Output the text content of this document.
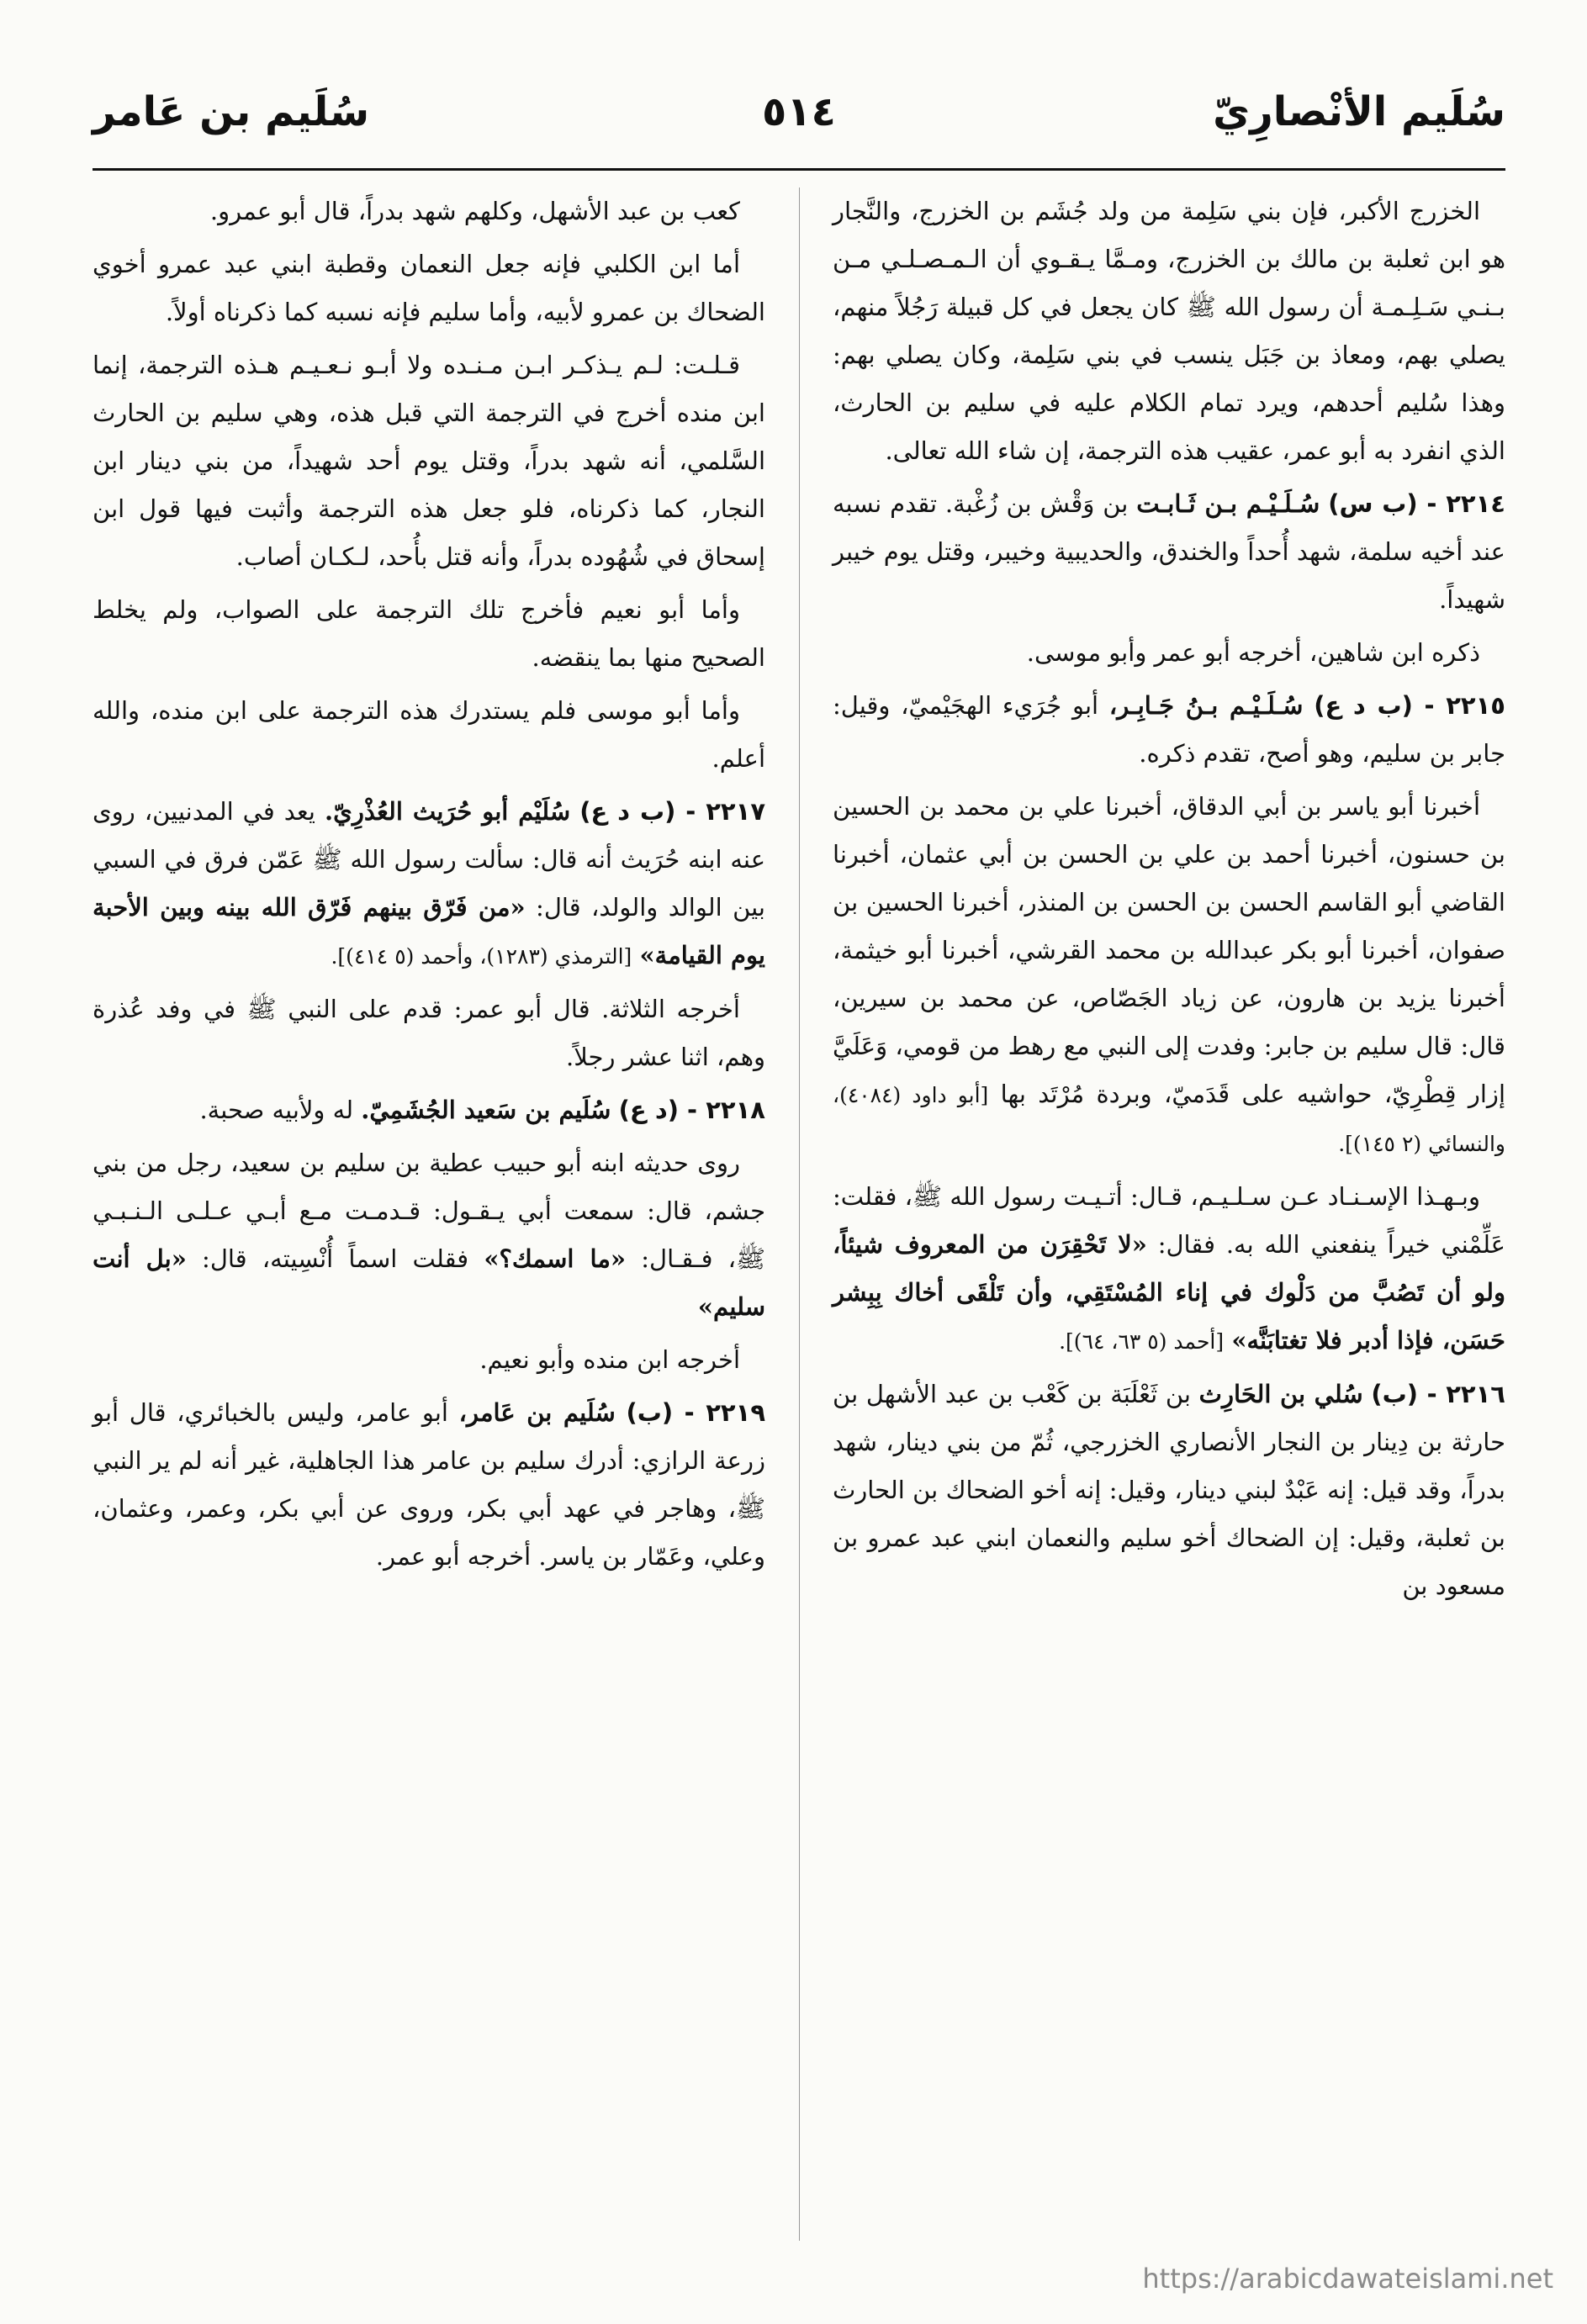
سُلَيم الأنْصارِيّ
٥١٤
سُلَيم بن عَامر

الخزرج الأكبر، فإن بني سَلِمة من ولد جُشَم بن الخزرج، والنَّجار هو ابن ثعلبة بن مالك بن الخزرج، ومـمَّا يـقـوي أن الـمـصـلـي مـن بـنـي سَـلِـمـة أن رسول الله ﷺ كان يجعل في كل قبيلة رَجُلاً منهم، يصلي بهم، ومعاذ بن جَبَل ينسب في بني سَلِمة، وكان يصلي بهم: وهذا سُليم أحدهم، ويرد تمام الكلام عليه في سليم بن الحارث، الذي انفرد به أبو عمر، عقيب هذه الترجمة، إن شاء الله تعالى.

٢٢١٤ - (ب س) سُـلَـيْـم بـن ثَـابـت بن وَقْش بن زُغْبة. تقدم نسبه عند أخيه سلمة، شهد أُحداً والخندق، والحديبية وخيبر، وقتل يوم خيبر شهيداً.

ذكره ابن شاهين، أخرجه أبو عمر وأبو موسى.

٢٢١٥ - (ب د ع) سُـلَـيْـم بـنُ جَـابِـر، أبو جُرَيء الهجَيْميّ، وقيل: جابر بن سليم، وهو أصح، تقدم ذكره.

أخبرنا أبو ياسر بن أبي الدقاق، أخبرنا علي بن محمد بن الحسين بن حسنون، أخبرنا أحمد بن علي بن الحسن بن أبي عثمان، أخبرنا القاضي أبو القاسم الحسن بن الحسن بن المنذر، أخبرنا الحسين بن صفوان، أخبرنا أبو بكر عبدالله بن محمد القرشي، أخبرنا أبو خيثمة، أخبرنا يزيد بن هارون، عن زياد الجَصّاص، عن محمد بن سيرين، قال: قال سليم بن جابر: وفدت إلى النبي مع رهط من قومي، وَعَلَيَّ إزار قِطْرِيّ، حواشيه على قَدَميّ، وبردة مُرْتَد بها [أبو داود (٤٠٨٤)، والنسائي (٢ ١٤٥)].

وبـهـذا الإسـنـاد عـن سـلـيـم، قـال: أتـيـت رسول الله ﷺ، فقلت: عَلِّمْني خيراً ينفعني الله به. فقال: «لا تَحْقِرَن من المعروف شيئاً، ولو أن تَصُبَّ من دَلْوك في إناء المُسْتَقِي، وأن تَلْقَى أخاك بِبِشر حَسَن، فإذا أدبر فلا تغتابَنَّه» [أحمد (٥ ٦٣، ٦٤)].

٢٢١٦ - (ب) سُلي بن الحَارِث بن ثَعْلَبَة بن كَعْب بن عبد الأشهل بن حارثة بن دِينار بن النجار الأنصاري الخزرجي، ثُمّ من بني دينار، شهد بدراً، وقد قيل: إنه عَبْدٌ لبني دينار، وقيل: إنه أخو الضحاك بن الحارث بن ثعلبة، وقيل: إن الضحاك أخو سليم والنعمان ابني عبد عمرو بن مسعود بن

كعب بن عبد الأشهل، وكلهم شهد بدراً، قال أبو عمرو.

أما ابن الكلبي فإنه جعل النعمان وقطبة ابني عبد عمرو أخوي الضحاك بن عمرو لأبيه، وأما سليم فإنه نسبه كما ذكرناه أولاً.

قـلـت: لـم يـذكـر ابـن مـنـده ولا أبـو نـعـيـم هـذه الترجمة، إنما ابن منده أخرج في الترجمة التي قبل هذه، وهي سليم بن الحارث السَّلمي، أنه شهد بدراً، وقتل يوم أحد شهيداً، من بني دينار ابن النجار، كما ذكرناه، فلو جعل هذه الترجمة وأثبت فيها قول ابن إسحاق في شُهُوده بدراً، وأنه قتل بأُحد، لـكـان أصاب.

وأما أبو نعيم فأخرج تلك الترجمة على الصواب، ولم يخلط الصحيح منها بما ينقضه.

وأما أبو موسى فلم يستدرك هذه الترجمة على ابن منده، والله أعلم.

٢٢١٧ - (ب د ع) سُلَيْم أبو حُرَيث العُذْرِيّ. يعد في المدنيين، روى عنه ابنه حُرَيث أنه قال: سألت رسول الله ﷺ عَمّن فرق في السبي بين الوالد والولد، قال: «من فَرّق بينهم فَرّق الله بينه وبين الأحبة يوم القيامة» [الترمذي (١٢٨٣)، وأحمد (٥ ٤١٤)].

أخرجه الثلاثة. قال أبو عمر: قدم على النبي ﷺ في وفد عُذرة وهم، اثنا عشر رجلاً.

٢٢١٨ - (د ع) سُلَيم بن سَعيد الجُشَمِيّ. له ولأبيه صحبة.

روى حديثه ابنه أبو حبيب عطية بن سليم بن سعيد، رجل من بني جشم، قال: سمعت أبي يـقـول: قـدمـت مـع أبـي عـلـى الـنـبـي ﷺ، فـقـال: «ما اسمك؟» فقلت اسماً أُنْسِيته، قال: «بل أنت سليم»

أخرجه ابن منده وأبو نعيم.

٢٢١٩ - (ب) سُلَيم بن عَامر، أبو عامر، وليس بالخبائري، قال أبو زرعة الرازي: أدرك سليم بن عامر هذا الجاهلية، غير أنه لم ير النبي ﷺ، وهاجر في عهد أبي بكر، وروى عن أبي بكر، وعمر، وعثمان، وعلي، وعَمّار بن ياسر. أخرجه أبو عمر.

https://arabicdawateislami.net
